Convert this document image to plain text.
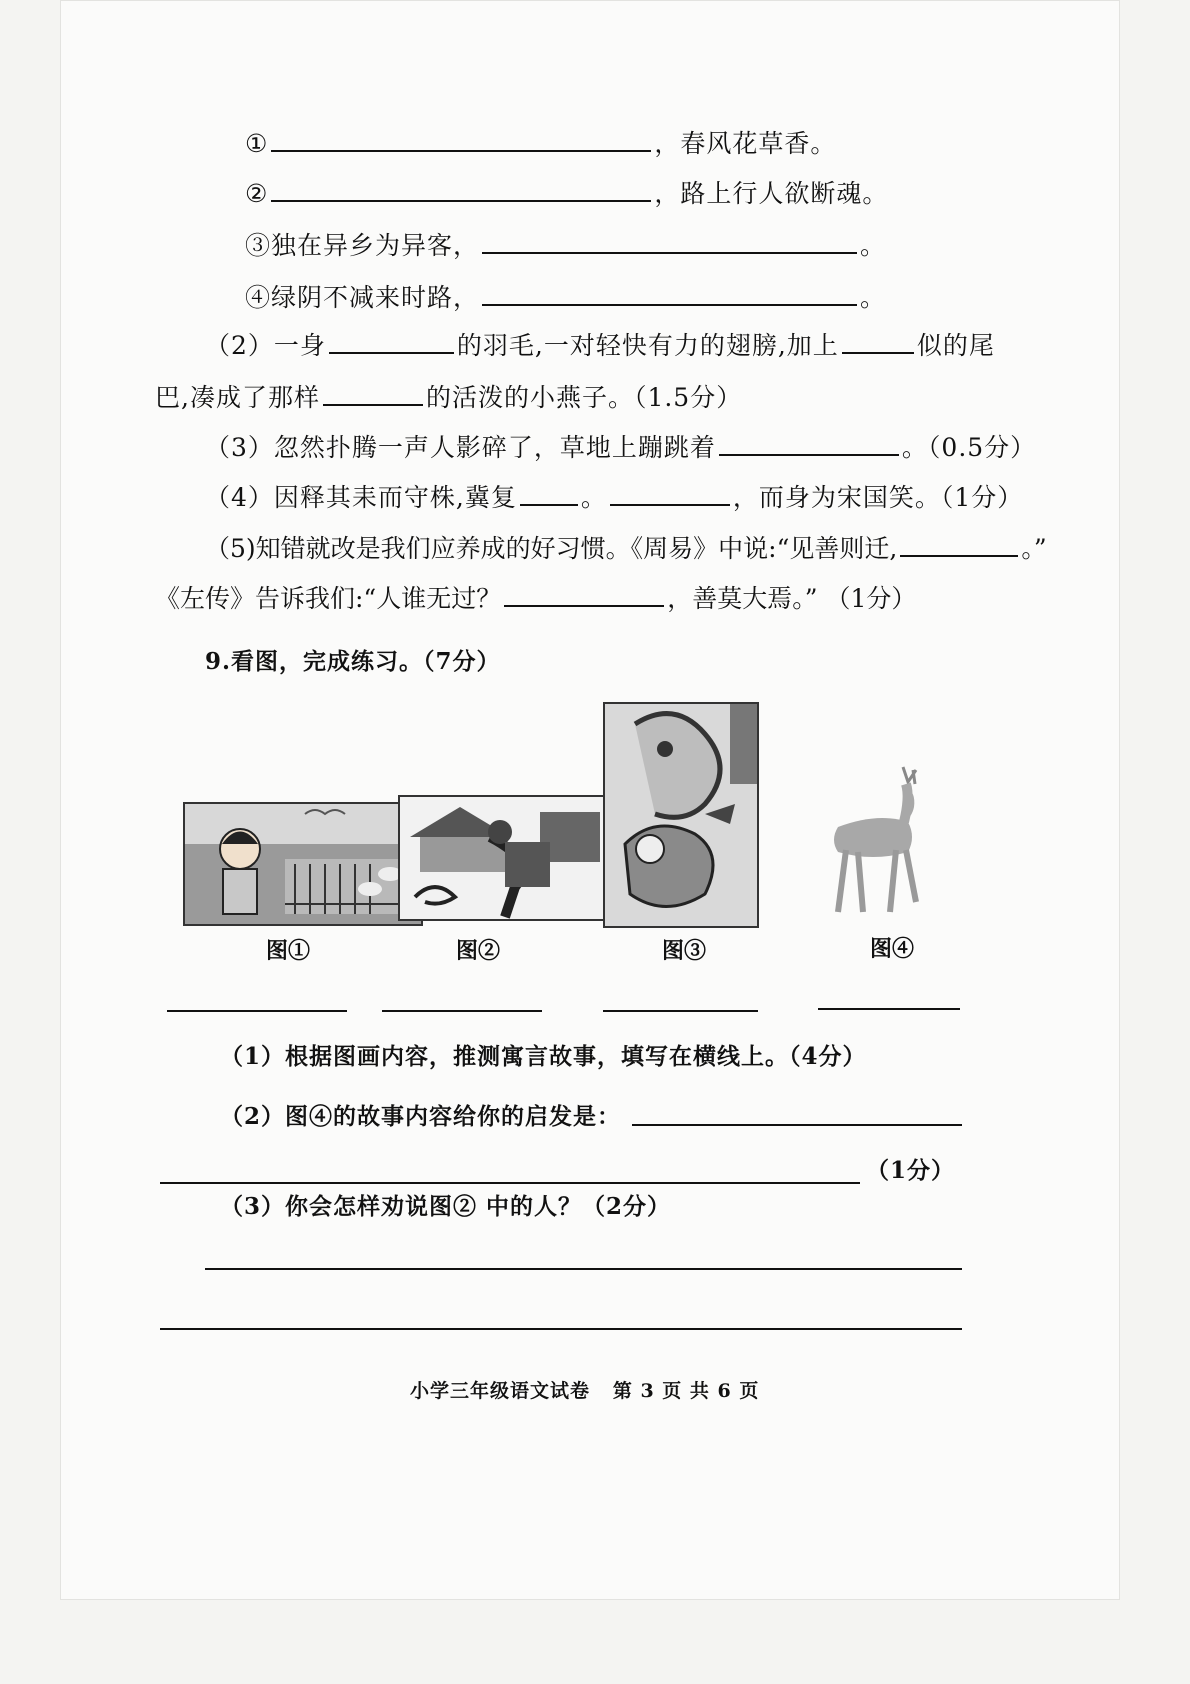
①	，春风花草香。
②	，路上行人欲断魂。
③独在异乡为异客，	。
④绿阴不减来时路，	。
（2）一身	的羽毛,一对轻快有力的翅膀,加上	似的尾
巴,凑成了那样	的活泼的小燕子。（1.5分）
（3）忽然扑腾一声人影碎了，草地上蹦跳着	。（0.5分）
（4）因释其耒而守株,冀复	。	，而身为宋国笑。（1分）
（5)知错就改是我们应养成的好习惯。《周易》中说:“见善则迁,	。”
《左传》告诉我们:“人谁无过？	，善莫大焉。” （1分）
9.看图，完成练习。（7分）
图①	图②	图③	图④
（1）根据图画内容，推测寓言故事，填写在横线上。（4分）
（2）图④的故事内容给你的启发是：
（1分）
（3）你会怎样劝说图② 中的人？（2分）
小学三年级语文试卷   第 3 页 共 6 页
